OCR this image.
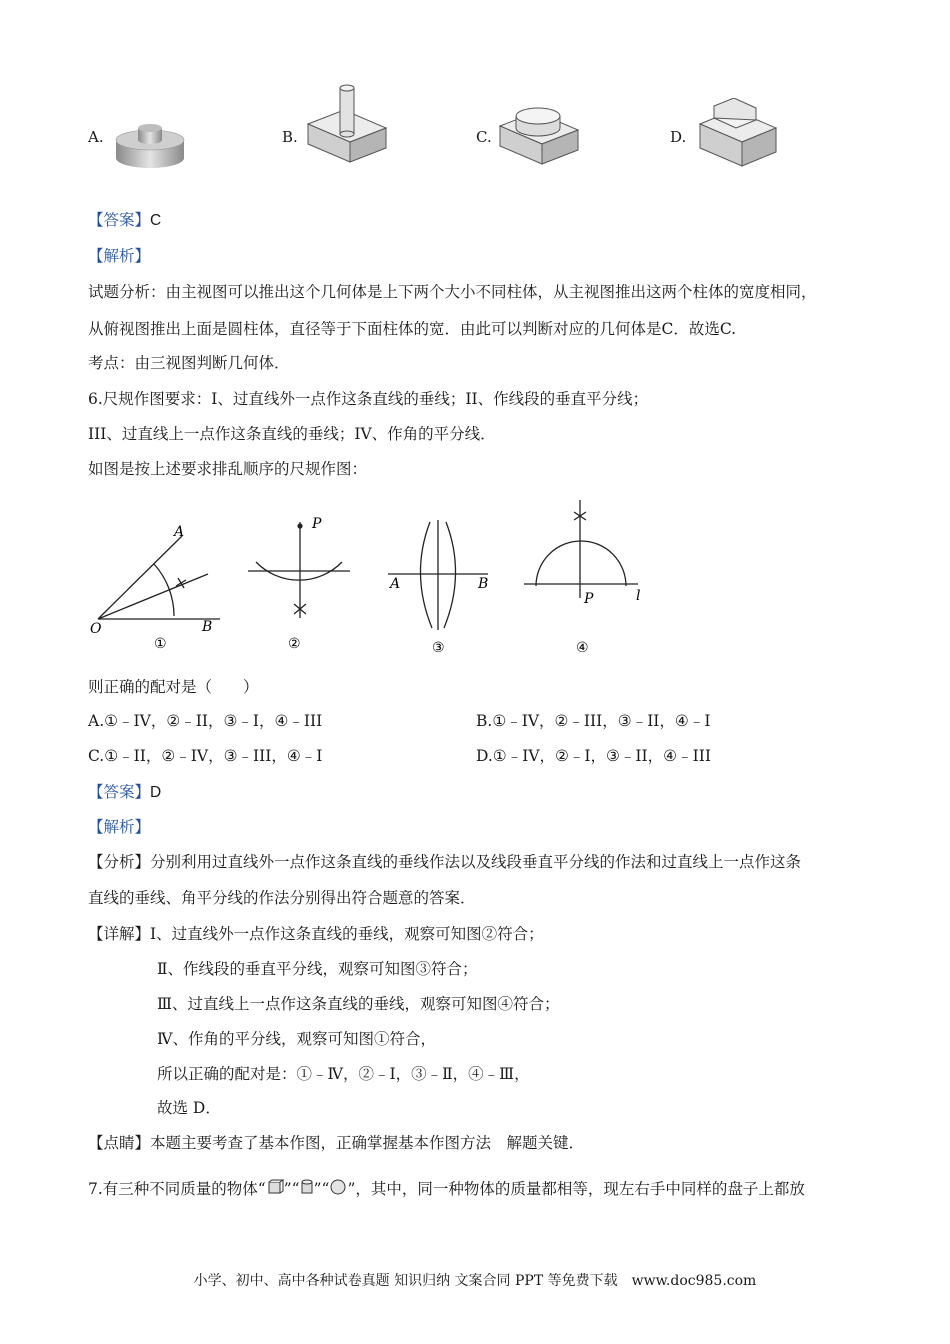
A.	B.	C.	D.
【答案】C
【解析】
试题分析：由主视图可以推出这个几何体是上下两个大小不同柱体，从主视图推出这两个柱体的宽度相同，
从俯视图推出上面是圆柱体，直径等于下面柱体的宽．由此可以判断对应的几何体是C．故选C.
考点：由三视图判断几何体．
6.尺规作图要求：I、过直线外一点作这条直线的垂线；II、作线段的垂直平分线；
III、过直线上一点作这条直线的垂线；IV、作角的平分线．
如图是按上述要求排乱顺序的尺规作图：
A
O	B
①
P
②
A	B
③
P	l
④
则正确的配对是（　　）
A.①﹣IV，②﹣II，③﹣I，④﹣III	B.①﹣IV，②﹣III，③﹣II，④﹣I
C.①﹣II，②﹣IV，③﹣III，④﹣I	D.①﹣IV，②﹣I，③﹣II，④﹣III
【答案】D
【解析】
【分析】分别利用过直线外一点作这条直线的垂线作法以及线段垂直平分线的作法和过直线上一点作这条
直线的垂线、角平分线的作法分别得出符合题意的答案．
【详解】Ⅰ、过直线外一点作这条直线的垂线，观察可知图②符合；
Ⅱ、作线段的垂直平分线，观察可知图③符合；
Ⅲ、过直线上一点作这条直线的垂线，观察可知图④符合；
Ⅳ、作角的平分线，观察可知图①符合，
所以正确的配对是：①﹣Ⅳ，②﹣Ⅰ，③﹣Ⅱ，④﹣Ⅲ，
故选 D．
【点睛】本题主要考查了基本作图，正确掌握基本作图方法　解题关键．
7.有三种不同质量的物体“ ”“ ”“ ”，其中，同一种物体的质量都相等，现左右手中同样的盘子上都放
小学、初中、高中各种试卷真题 知识归纳 文案合同 PPT 等免费下载　www.doc985.com
